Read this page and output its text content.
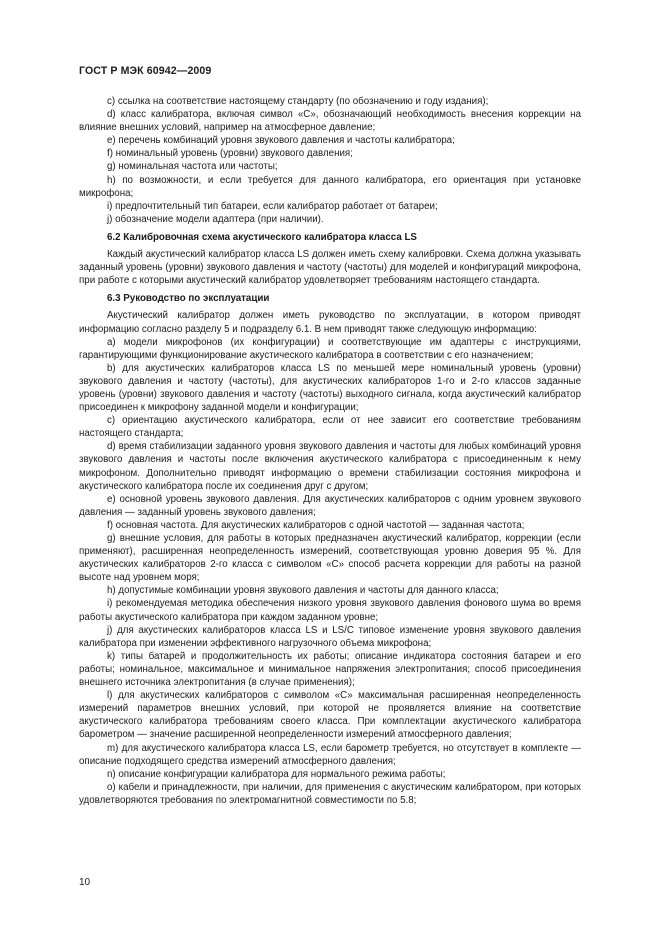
ГОСТ Р МЭК 60942—2009

c) ссылка на соответствие настоящему стандарту (по обозначению и году издания);

d) класс калибратора, включая символ «C», обозначающий необходимость внесения коррекции на влияние внешних условий, например на атмосферное давление;

e) перечень комбинаций уровня звукового давления и частоты калибратора;

f) номинальный уровень (уровни) звукового давления;

g) номинальная частота или частоты;

h) по возможности, и если требуется для данного калибратора, его ориентация при установке микрофона;

i) предпочтительный тип батареи, если калибратор работает от батареи;

j) обозначение модели адаптера (при наличии).

6.2 Калибровочная схема акустического калибратора класса LS

Каждый акустический калибратор класса LS должен иметь схему калибровки. Схема должна указывать заданный уровень (уровни) звукового давления и частоту (частоты) для моделей и конфигураций микрофона, при работе с которыми акустический калибратор удовлетворяет требованиям настоящего стандарта.

6.3 Руководство по эксплуатации

Акустический калибратор должен иметь руководство по эксплуатации, в котором приводят информацию согласно разделу 5 и подразделу 6.1. В нем приводят также следующую информацию:

а) модели микрофонов (их конфигурации) и соответствующие им адаптеры с инструкциями, гарантирующими функционирование акустического калибратора в соответствии с его назначением;

b) для акустических калибраторов класса LS по меньшей мере номинальный уровень (уровни) звукового давления и частоту (частоты), для акустических калибраторов 1-го и 2-го классов заданные уровень (уровни) звукового давления и частоту (частоты) выходного сигнала, когда акустический калибратор присоединен к микрофону заданной модели и конфигурации;

c) ориентацию акустического калибратора, если от нее зависит его соответствие требованиям настоящего стандарта;

d) время стабилизации заданного уровня звукового давления и частоты для любых комбинаций уровня звукового давления и частоты после включения акустического калибратора с присоединенным к нему микрофоном. Дополнительно приводят информацию о времени стабилизации состояния микрофона и акустического калибратора после их соединения друг с другом;

e) основной уровень звукового давления. Для акустических калибраторов с одним уровнем звукового давления — заданный уровень звукового давления;

f) основная частота. Для акустических калибраторов с одной частотой — заданная частота;

g) внешние условия, для работы в которых предназначен акустический калибратор, коррекции (если применяют), расширенная неопределенность измерений, соответствующая уровню доверия 95 %. Для акустических калибраторов 2-го класса с символом «C» способ расчета коррекции для работы на разной высоте над уровнем моря;

h) допустимые комбинации уровня звукового давления и частоты для данного класса;

i) рекомендуемая методика обеспечения низкого уровня звукового давления фонового шума во время работы акустического калибратора при каждом заданном уровне;

j) для акустических калибраторов класса LS и LS/C типовое изменение уровня звукового давления калибратора при изменении эффективного нагрузочного объема микрофона;

k) типы батарей и продолжительность их работы; описание индикатора состояния батареи и его работы; номинальное, максимальное и минимальное напряжения электропитания; способ присоединения внешнего источника электропитания (в случае применения);

l) для акустических калибраторов с символом «C» максимальная расширенная неопределенность измерений параметров внешних условий, при которой не проявляется влияние на соответствие акустического калибратора требованиям своего класса. При комплектации акустического калибратора барометром — значение расширенной неопределенности измерений атмосферного давления;

m) для акустического калибратора класса LS, если барометр требуется, но отсутствует в комплекте — описание подходящего средства измерений атмосферного давления;

n) описание конфигурации калибратора для нормального режима работы;

o) кабели и принадлежности, при наличии, для применения с акустическим калибратором, при которых удовлетворяются требования по электромагнитной совместимости по 5.8;

10
